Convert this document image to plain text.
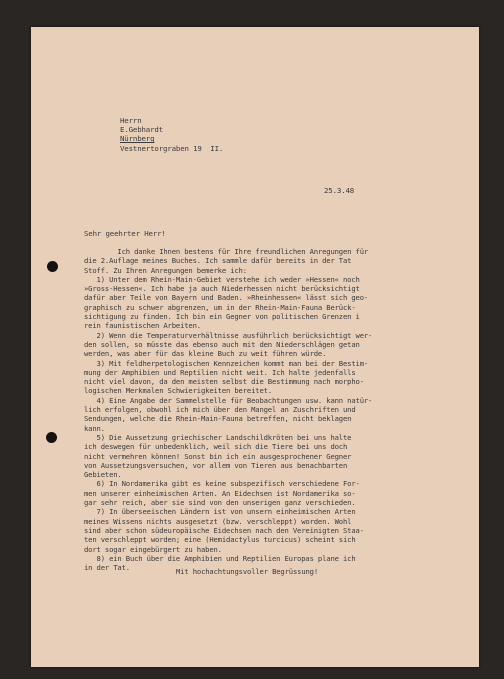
Herrn
E.Gebhardt
Nürnberg
Vestnertorgraben 19  II.
25.3.48
Sehr geehrter Herr!
Ich danke Ihnen bestens für Ihre freundlichen Anregungen für
die 2.Auflage meines Buches. Ich sammle dafür bereits in der Tat
Stoff. Zu Ihren Anregungen bemerke ich:
1) Unter dem Rhein-Main-Gebiet verstehe ich weder »Hessen« noch
»Gross-Hessen«. Ich habe ja auch Niederhessen nicht berücksichtigt
dafür aber Teile von Bayern und Baden. »Rheinhessen« lässt sich geo-
graphisch zu schwer abgrenzen, um in der Rhein-Main-Fauna Berück-
sichtigung zu finden. Ich bin ein Gegner von politischen Grenzen i
rein faunistischen Arbeiten.
2) Wenn die Temperaturverhältnisse ausführlich berücksichtigt wer-
den sollen, so müsste das ebenso auch mit den Niederschlägen getan
werden, was aber für das kleine Buch zu weit führen würde.
3) Mit feldherpetologischen Kennzeichen kommt man bei der Bestim-
mung der Amphibien und Reptilien nicht weit. Ich halte jedenfalls
nicht viel davon, da den meisten selbst die Bestimmung nach morpho-
logischen Merkmalen Schwierigkeiten bereitet.
4) Eine Angabe der Sammelstelle für Beobachtungen usw. kann natür-
lich erfolgen, obwohl ich mich über den Mangel an Zuschriften und
Sendungen, welche die Rhein-Main-Fauna betreffen, nicht beklagen
kann.
5) Die Aussetzung griechischer Landschildkröten bei uns halte
ich deswegen für unbedenklich, weil sich die Tiere bei uns doch
nicht vermehren können! Sonst bin ich ein ausgesprochener Gegner
von Aussetzungsversuchen, vor allem von Tieren aus benachbarten
Gebieten.
6) In Nordamerika gibt es keine subspezifisch verschiedene For-
men unserer einheimischen Arten. An Eidechsen ist Nordamerika so-
gar sehr reich, aber sie sind von den unserigen ganz verschieden.
7) In überseeischen Ländern ist von unsern einheimischen Arten
meines Wissens nichts ausgesetzt (bzw. verschleppt) worden. Wohl
sind aber schon südeuropäische Eidechsen nach den Vereinigten Staa-
ten verschleppt worden; eine (Hemidactylus turcicus) scheint sich
dort sogar eingebürgert zu haben.
8) ein Buch über die Amphibien und Reptilien Europas plane ich
in der Tat.	Mit hochachtungsvoller Begrüssung!
